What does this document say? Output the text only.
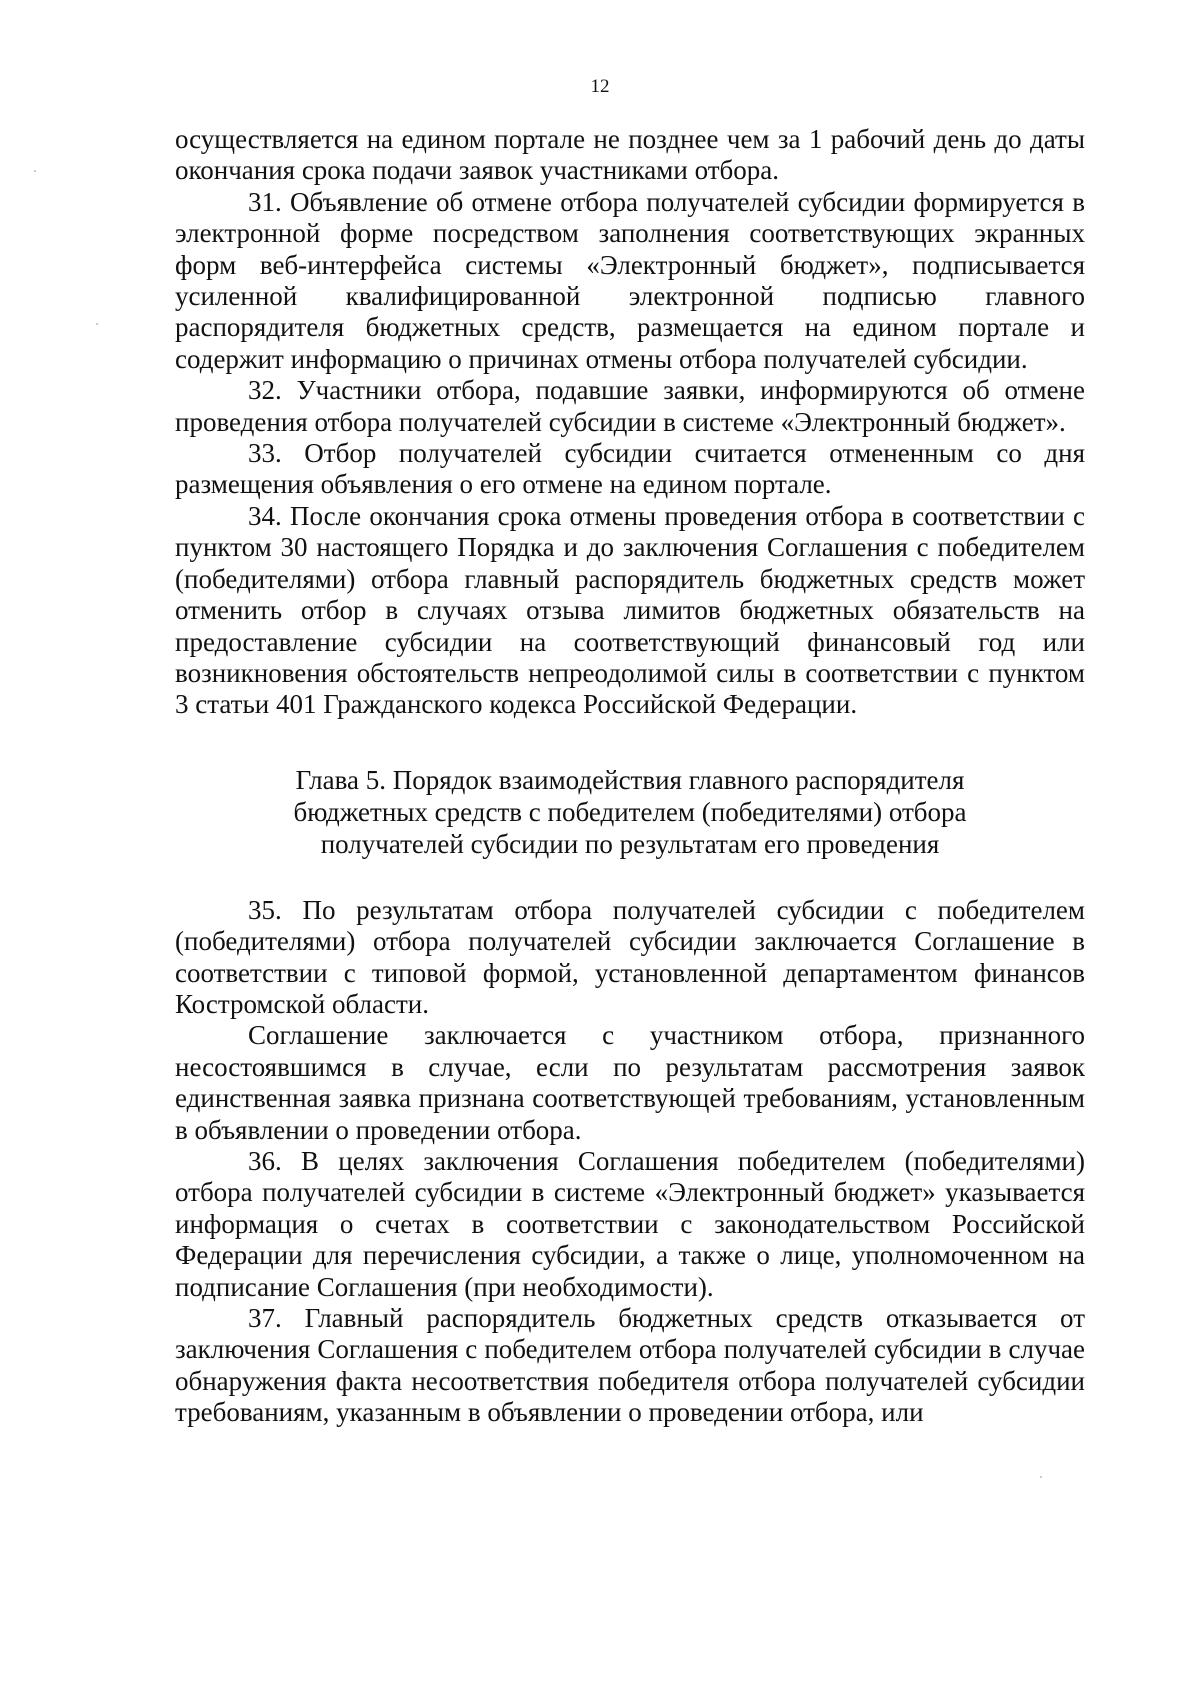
12

осуществляется на едином портале не позднее чем за 1 рабочий день до даты окончания срока подачи заявок участниками отбора.

31. Объявление об отмене отбора получателей субсидии формируется в электронной форме посредством заполнения соответствующих экранных форм веб-интерфейса системы «Электронный бюджет», подписывается усиленной квалифицированной электронной подписью главного распорядителя бюджетных средств, размещается на едином портале и содержит информацию о причинах отмены отбора получателей субсидии.

32. Участники отбора, подавшие заявки, информируются об отмене проведения отбора получателей субсидии в системе «Электронный бюджет».

33. Отбор получателей субсидии считается отмененным со дня размещения объявления о его отмене на едином портале.

34. После окончания срока отмены проведения отбора в соответствии с пунктом 30 настоящего Порядка и до заключения Соглашения с победителем (победителями) отбора главный распорядитель бюджетных средств может отменить отбор в случаях отзыва лимитов бюджетных обязательств на предоставление субсидии на соответствующий финансовый год или возникновения обстоятельств непреодолимой силы в соответствии с пунктом 3 статьи 401 Гражданского кодекса Российской Федерации.

Глава 5. Порядок взаимодействия главного распорядителя
бюджетных средств с победителем (победителями) отбора
получателей субсидии по результатам его проведения

35. По результатам отбора получателей субсидии с победителем (победителями) отбора получателей субсидии заключается Соглашение в соответствии с типовой формой, установленной департаментом финансов Костромской области.

Соглашение заключается с участником отбора, признанного несостоявшимся в случае, если по результатам рассмотрения заявок единственная заявка признана соответствующей требованиям, установленным в объявлении о проведении отбора.

36. В целях заключения Соглашения победителем (победителями) отбора получателей субсидии в системе «Электронный бюджет» указывается информация о счетах в соответствии с законодательством Российской Федерации для перечисления субсидии, а также о лице, уполномоченном на подписание Соглашения (при необходимости).

37. Главный распорядитель бюджетных средств отказывается от заключения Соглашения с победителем отбора получателей субсидии в случае обнаружения факта несоответствия победителя отбора получателей субсидии требованиям, указанным в объявлении о проведении отбора, или
